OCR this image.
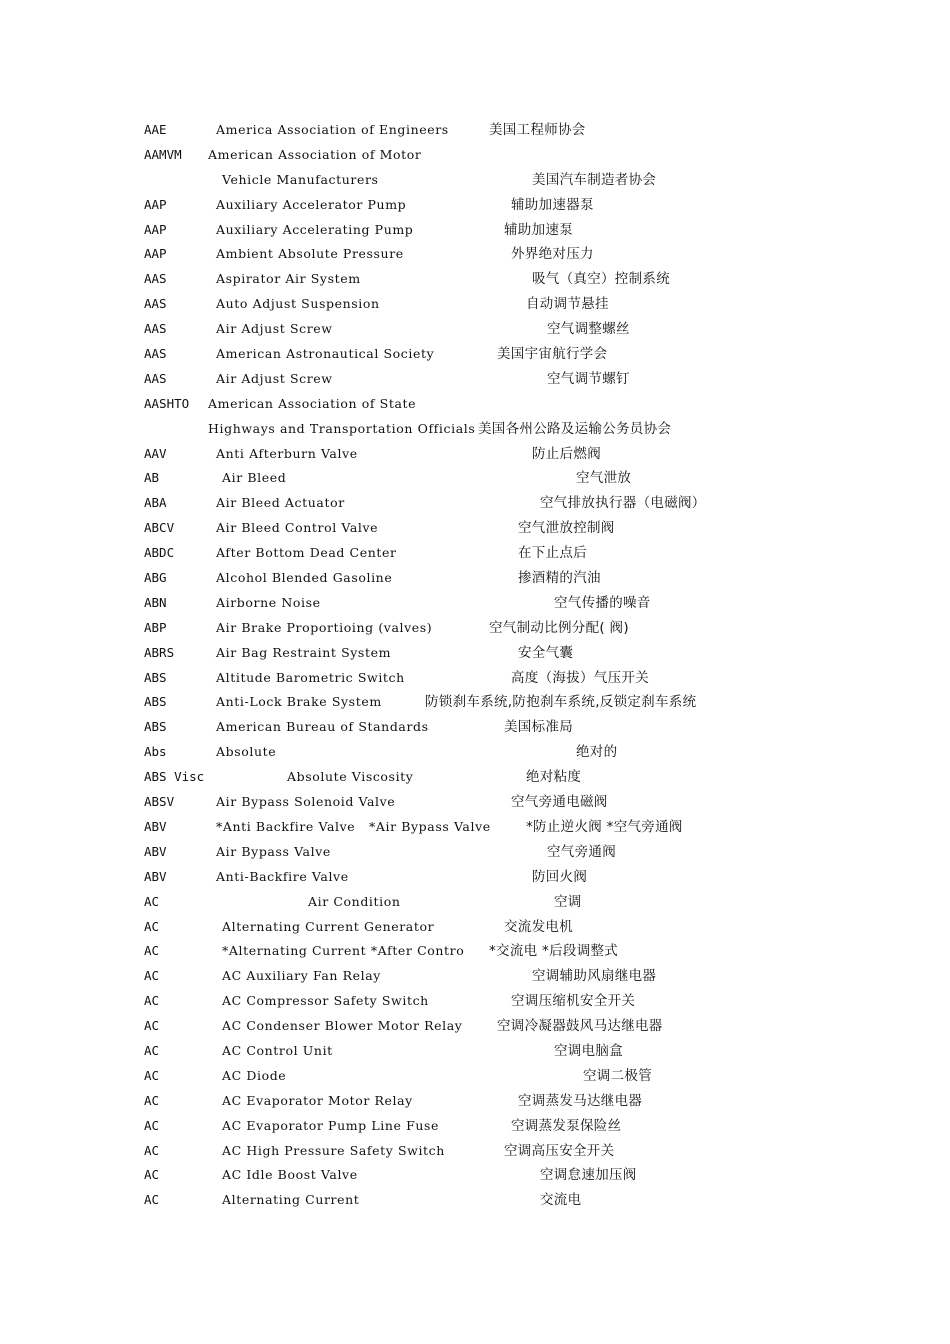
AAE	America Association of Engineers	美国工程师协会
AAMVM American Association of Motor
Vehicle Manufacturers	美国汽车制造者协会
AAP	Auxiliary Accelerator Pump	辅助加速器泵
AAP	Auxiliary Accelerating Pump	辅助加速泵
AAP	Ambient Absolute Pressure	外界绝对压力
AAS	Aspirator Air System	吸气（真空）控制系统
AAS	Auto Adjust Suspension	自动调节悬挂
AAS	Air Adjust Screw	空气调整螺丝
AAS	American Astronautical Society	美国宇宙航行学会
AAS	Air Adjust Screw	空气调节螺钉
AASHTO American Association of State
Highways and Transportation Officials 美国各州公路及运输公务员协会
AAV	Anti Afterburn Valve	防止后燃阀
AB	Air Bleed	空气泄放
ABA	Air Bleed Actuator	空气排放执行器（电磁阀）
ABCV	Air Bleed Control Valve	空气泄放控制阀
ABDC	After Bottom Dead Center	在下止点后
ABG	Alcohol Blended Gasoline	掺酒精的汽油
ABN	Airborne Noise	空气传播的噪音
ABP	Air Brake Proportioing (valves)	空气制动比例分配( 阀)
ABRS	Air Bag Restraint System	安全气囊
ABS	Altitude Barometric Switch	高度（海拔）气压开关
ABS	Anti-Lock Brake System	防锁刹车系统,防抱刹车系统,反锁定刹车系统
ABS	American Bureau of Standards	美国标准局
Abs	Absolute	绝对的
ABS Visc	Absolute Viscosity	绝对粘度
ABSV	Air Bypass Solenoid Valve	空气旁通电磁阀
ABV	*Anti Backfire Valve   *Air Bypass Valve	*防止逆火阀 *空气旁通阀
ABV	Air Bypass Valve	空气旁通阀
ABV	Anti-Backfire Valve	防回火阀
AC	Air Condition	空调
AC	Alternating Current Generator	交流发电机
AC	*Alternating Current *After Contro *交流电 *后段调整式
AC	AC Auxiliary Fan Relay	空调辅助风扇继电器
AC	AC Compressor Safety Switch	空调压缩机安全开关
AC	AC Condenser Blower Motor Relay	空调冷凝器鼓风马达继电器
AC	AC Control Unit	空调电脑盒
AC	AC Diode	空调二极管
AC	AC Evaporator Motor Relay	空调蒸发马达继电器
AC	AC Evaporator Pump Line Fuse	空调蒸发泵保险丝
AC	AC High Pressure Safety Switch	空调高压安全开关
AC	AC Idle Boost Valve	空调怠速加压阀
AC	Alternating Current	交流电
